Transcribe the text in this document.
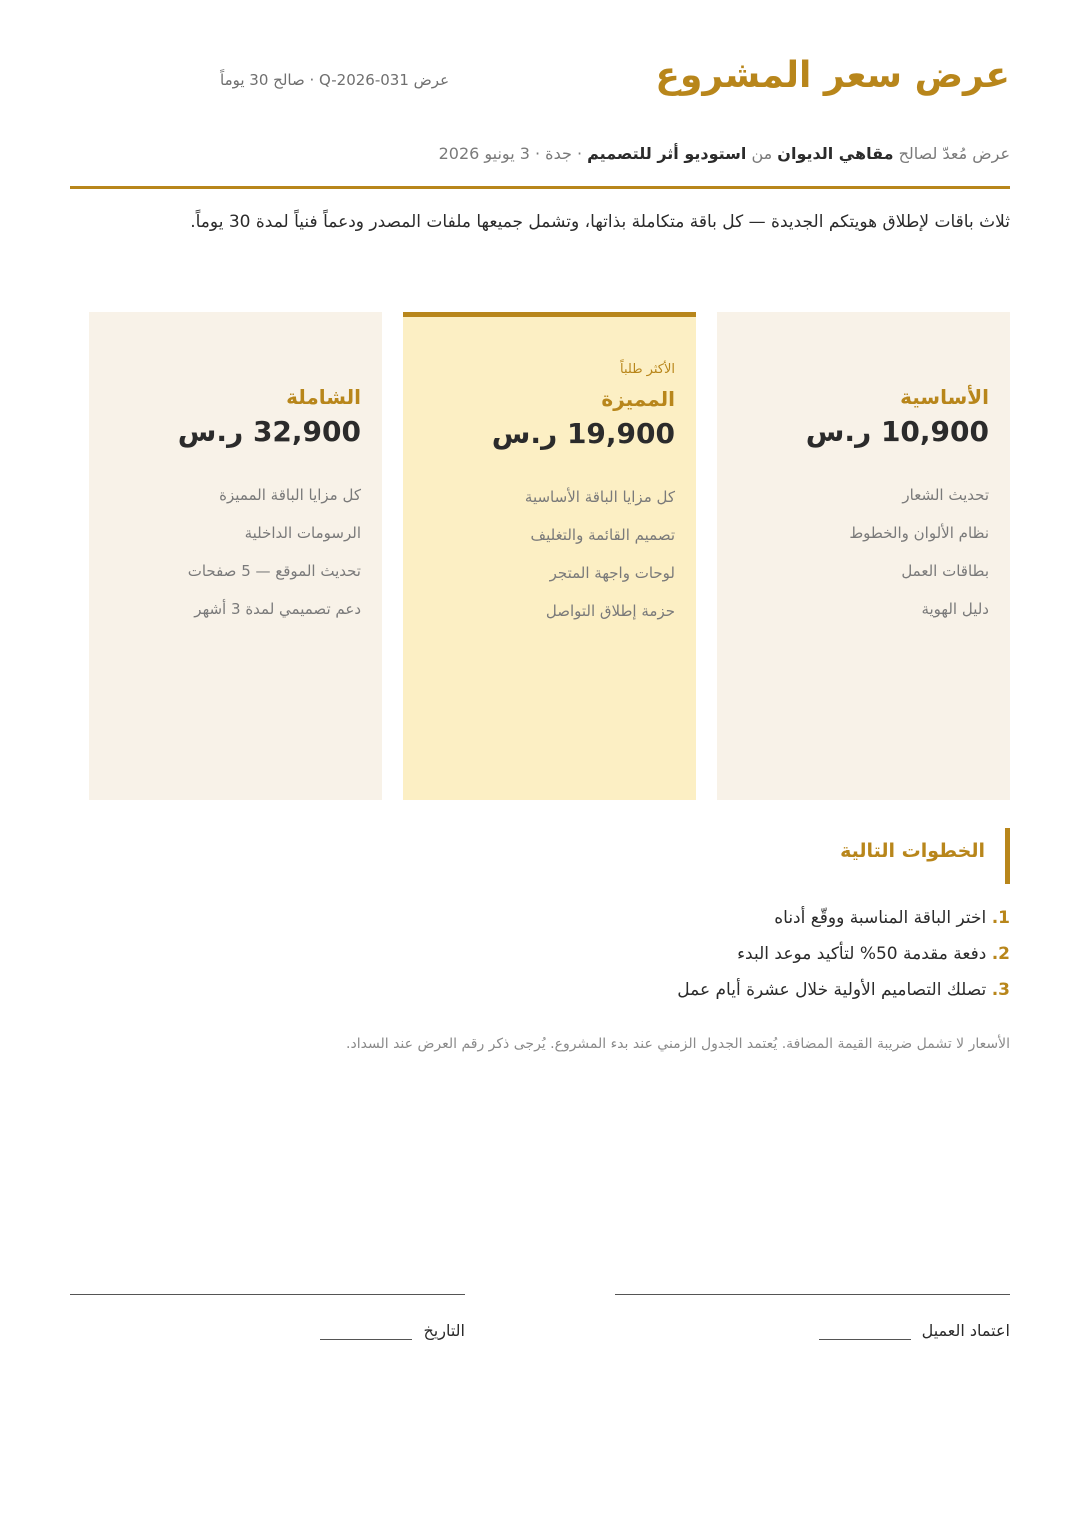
عرض سعر المشروع
عرض Q-2026-031 · صالح 30 يوماً
عرض مُعدّ لصالح مقاهي الديوان من استوديو أثر للتصميم · جدة · 3 يونيو 2026

ثلاث باقات لإطلاق هويتكم الجديدة — كل باقة متكاملة بذاتها، وتشمل جميعها ملفات المصدر ودعماً فنياً لمدة 30 يوماً.

الأساسية
10,900 ر.س
تحديث الشعار
نظام الألوان والخطوط
بطاقات العمل
دليل الهوية
الأكثر طلباً
المميزة
19,900 ر.س
كل مزايا الباقة الأساسية
تصميم القائمة والتغليف
لوحات واجهة المتجر
حزمة إطلاق التواصل
الشاملة
32,900 ر.س
كل مزايا الباقة المميزة
الرسومات الداخلية
تحديث الموقع — 5 صفحات
دعم تصميمي لمدة 3 أشهر
الخطوات التالية
1. اختر الباقة المناسبة ووقّع أدناه
2. دفعة مقدمة 50% لتأكيد موعد البدء
3. تصلك التصاميم الأولية خلال عشرة أيام عمل
الأسعار لا تشمل ضريبة القيمة المضافة. يُعتمد الجدول الزمني عند بدء المشروع. يُرجى ذكر رقم العرض عند السداد.
اعتماد العميل
التاريخ
